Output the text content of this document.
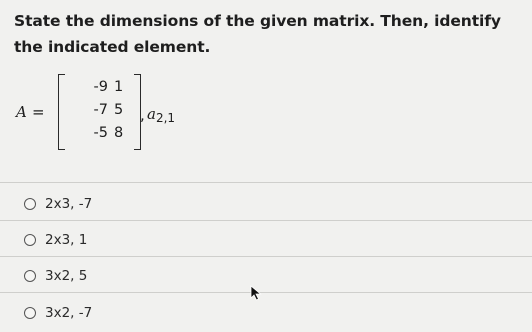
State the dimensions of the given matrix. Then, identify the indicated element.
A =
-9 1
-7 5
-5 8
, $a_{2,1}$
2x3, -7
2x3, 1
3x2, 5
3x2, -7
